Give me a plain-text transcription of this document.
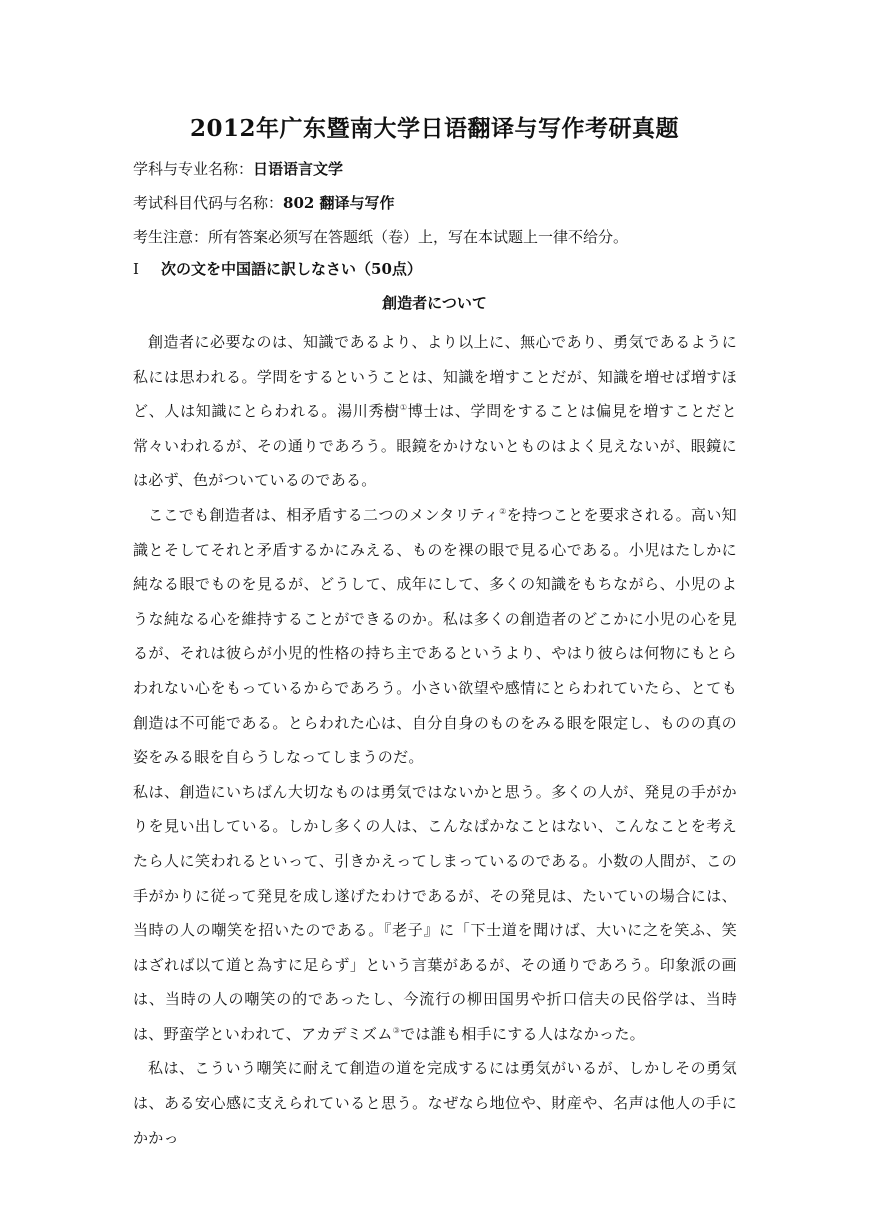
2012年广东暨南大学日语翻译与写作考研真题

学科与专业名称：日语语言文学

考试科目代码与名称：802 翻译与写作

考生注意：所有答案必须写在答题纸（卷）上，写在本试题上一律不给分。

Ⅰ 次の文を中国語に訳しなさい（50点）

創造者について

創造者に必要なのは、知識であるより、より以上に、無心であり、勇気であるように私には思われる。学問をするということは、知識を増すことだが、知識を増せば増すほど、人は知識にとらわれる。湯川秀樹①博士は、学問をすることは偏見を増すことだと常々いわれるが、その通りであろう。眼鏡をかけないとものはよく見えないが、眼鏡には必ず、色がついているのである。

ここでも創造者は、相矛盾する二つのメンタリティ②を持つことを要求される。高い知識とそしてそれと矛盾するかにみえる、ものを裸の眼で見る心である。小児はたしかに純なる眼でものを見るが、どうして、成年にして、多くの知識をもちながら、小児のような純なる心を維持することができるのか。私は多くの創造者のどこかに小児の心を見るが、それは彼らが小児的性格の持ち主であるというより、やはり彼らは何物にもとらわれない心をもっているからであろう。小さい欲望や感情にとらわれていたら、とても創造は不可能である。とらわれた心は、自分自身のものをみる眼を限定し、ものの真の姿をみる眼を自らうしなってしまうのだ。

私は、創造にいちばん大切なものは勇気ではないかと思う。多くの人が、発見の手がかりを見い出している。しかし多くの人は、こんなばかなことはない、こんなことを考えたら人に笑われるといって、引きかえってしまっているのである。小数の人間が、この手がかりに従って発見を成し遂げたわけであるが、その発見は、たいていの場合には、当時の人の嘲笑を招いたのである。『老子』に「下士道を聞けば、大いに之を笑ふ、笑はざれば以て道と為すに足らず」という言葉があるが、その通りであろう。印象派の画は、当時の人の嘲笑の的であったし、今流行の柳田国男や折口信夫の民俗学は、当時は、野蛮学といわれて、アカデミズム③では誰も相手にする人はなかった。

私は、こういう嘲笑に耐えて創造の道を完成するには勇気がいるが、しかしその勇気は、ある安心感に支えられていると思う。なぜなら地位や、財産や、名声は他人の手にかかっ
